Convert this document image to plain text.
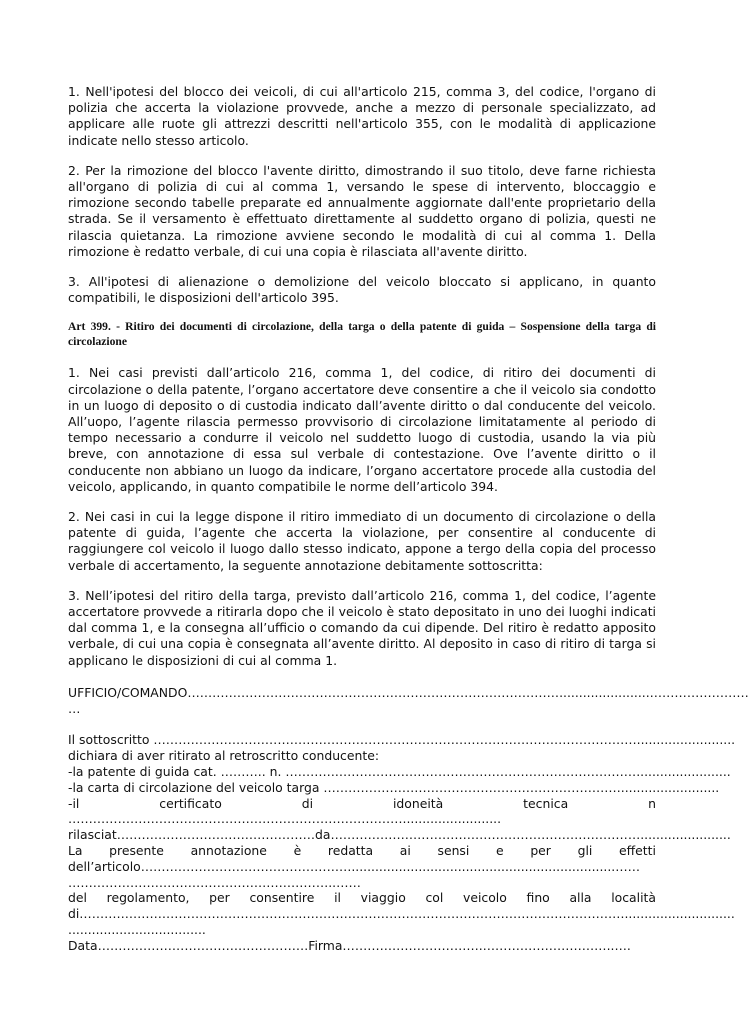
1. Nell'ipotesi del blocco dei veicoli, di cui all'articolo 215, comma 3, del codice, l'organo di polizia che accerta la violazione provvede, anche a mezzo di personale specializzato, ad applicare alle ruote gli attrezzi descritti nell'articolo 355, con le modalità di applicazione indicate nello stesso articolo.

2. Per la rimozione del blocco l'avente diritto, dimostrando il suo titolo, deve farne richiesta all'organo di polizia di cui al comma 1, versando le spese di intervento, bloccaggio e rimozione secondo tabelle preparate ed annualmente aggiornate dall'ente proprietario della strada. Se il versamento è effettuato direttamente al suddetto organo di polizia, questi ne rilascia quietanza. La rimozione avviene secondo le modalità di cui al comma 1. Della rimozione è redatto verbale, di cui una copia è rilasciata all'avente diritto.

3. All'ipotesi di alienazione o demolizione del veicolo bloccato si applicano, in quanto compatibili, le disposizioni dell'articolo 395.

Art 399. - Ritiro dei documenti di circolazione, della targa o della patente di guida – Sospensione della targa di circolazione

1. Nei casi previsti dall’articolo 216, comma 1, del codice, di ritiro dei documenti di circolazione o della patente, l’organo accertatore deve consentire a che il veicolo sia condotto in un luogo di deposito o di custodia indicato dall’avente diritto o dal conducente del veicolo. All’uopo, l’agente rilascia permesso provvisorio di circolazione limitatamente al periodo di tempo necessario a condurre il veicolo nel suddetto luogo di custodia, usando la via più breve, con annotazione di essa sul verbale di contestazione. Ove l’avente diritto o il conducente non abbiano un luogo da indicare, l’organo accertatore procede alla custodia del veicolo, applicando, in quanto compatibile le norme dell’articolo 394.

2. Nei casi in cui la legge dispone il ritiro immediato di un documento di circolazione o della patente di guida, l’agente che accerta la violazione, per consentire al conducente di raggiungere col veicolo il luogo dallo stesso indicato, appone a tergo della copia del processo verbale di accertamento, la seguente annotazione debitamente sottoscritta:

3. Nell’ipotesi del ritiro della targa, previsto dall’articolo 216, comma 1, del codice, l’agente accertatore provvede a ritirarla dopo che il veicolo è stato depositato in uno dei luoghi indicati dal comma 1, e la consegna all’ufficio o comando da cui dipende. Del ritiro è redatto apposito verbale, di cui una copia è consegnata all’avente diritto. Al deposito in caso di ritiro di targa si applicano le disposizioni di cui al comma 1.

UFFICIO/COMANDO……………………………………………………………………………….......................……………………
…
Il sottoscritto ……………………………………………………………………………………………………….........................
dichiara di aver ritirato al retroscritto conducente:
-la patente di guida cat. ……….. n. ………….………………………………………………………………........................
-la carta di circolazione del veicolo targa ……………………………………………………………….........................
-il	certificato	di	idoneità	tecnica	n
……………………………………………………………………….........................
rilasciat…………………………………………da………………………………………………………………….......................
La presente annotazione è redatta ai sensi e per gli effetti
dell’articolo……………………………………………...................................................................……
………………………………………………………..……
del regolamento, per consentire il viaggio col veicolo fino alla località
di……………………………………………………………………………………………………………………............................
...................................
Data……………………………………………Firma…………………………….…………………………..….
